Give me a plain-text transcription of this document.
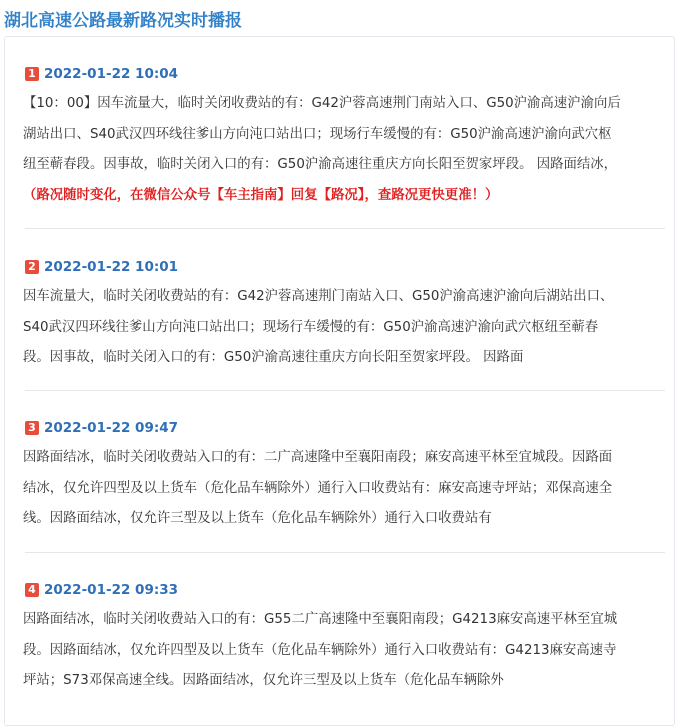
湖北高速公路最新路况实时播报
1 2022-01-22 10:04
【10：00】因车流量大，临时关闭收费站的有：G42沪蓉高速荆门南站入口、G50沪渝高速沪渝向后
湖站出口、S40武汉四环线往爹山方向沌口站出口；现场行车缓慢的有：G50沪渝高速沪渝向武穴枢
纽至蕲春段。因事故，临时关闭入口的有：G50沪渝高速往重庆方向长阳至贺家坪段。 因路面结冰，
（路况随时变化，在微信公众号【车主指南】回复【路况】，查路况更快更准！）
2 2022-01-22 10:01
因车流量大，临时关闭收费站的有：G42沪蓉高速荆门南站入口、G50沪渝高速沪渝向后湖站出口、
S40武汉四环线往爹山方向沌口站出口；现场行车缓慢的有：G50沪渝高速沪渝向武穴枢纽至蕲春
段。因事故，临时关闭入口的有：G50沪渝高速往重庆方向长阳至贺家坪段。 因路面
3 2022-01-22 09:47
因路面结冰，临时关闭收费站入口的有：二广高速隆中至襄阳南段；麻安高速平林至宜城段。因路面
结冰，仅允许四型及以上货车（危化品车辆除外）通行入口收费站有：麻安高速寺坪站；邓保高速全
线。因路面结冰，仅允许三型及以上货车（危化品车辆除外）通行入口收费站有
4 2022-01-22 09:33
因路面结冰，临时关闭收费站入口的有：G55二广高速隆中至襄阳南段；G4213麻安高速平林至宜城
段。因路面结冰，仅允许四型及以上货车（危化品车辆除外）通行入口收费站有：G4213麻安高速寺
坪站；S73邓保高速全线。因路面结冰，仅允许三型及以上货车（危化品车辆除外
